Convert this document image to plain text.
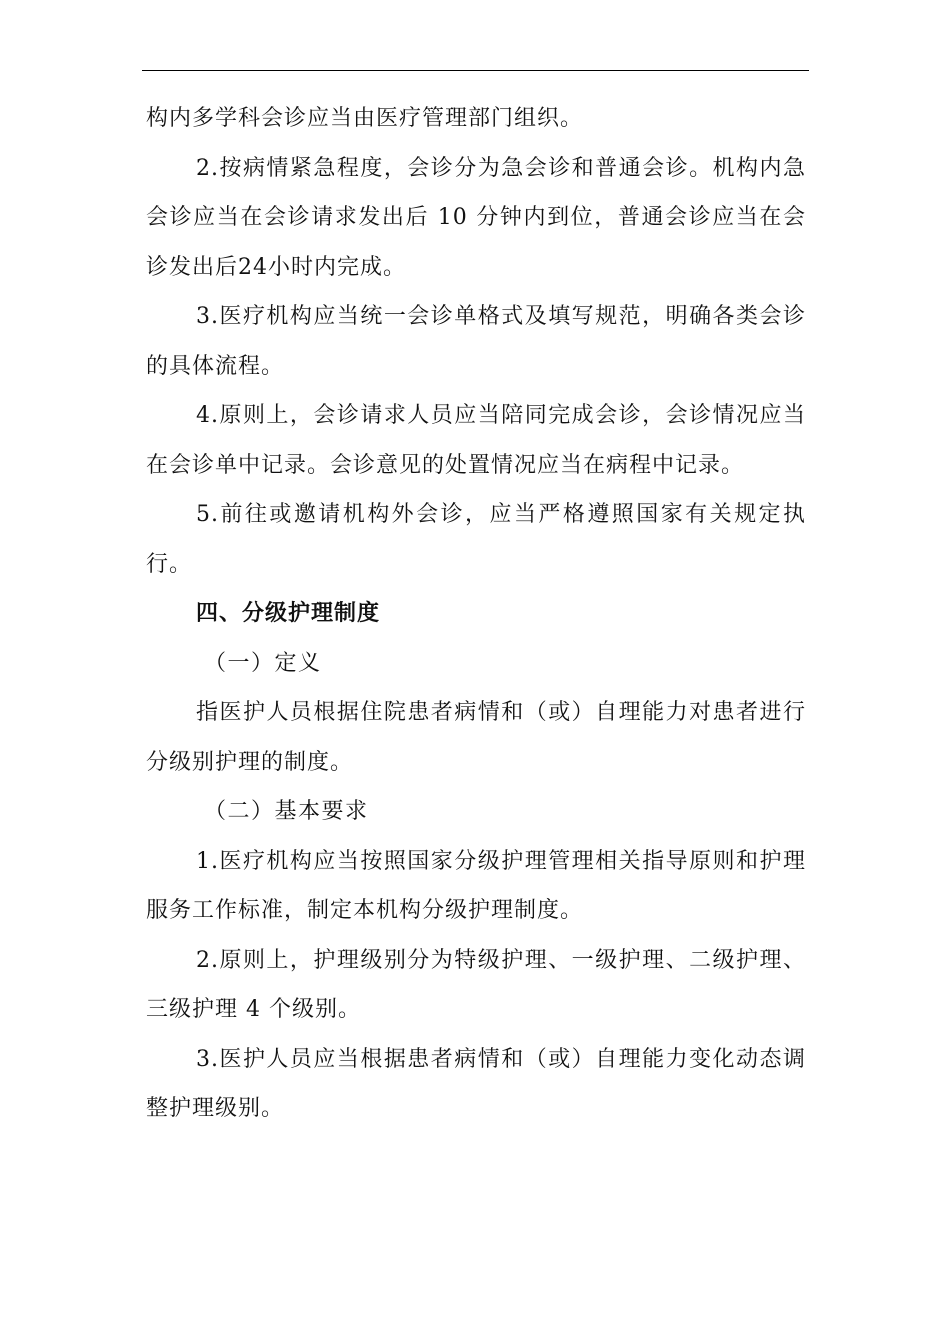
构内多学科会诊应当由医疗管理部门组织。

2.按病情紧急程度，会诊分为急会诊和普通会诊。机构内急会诊应当在会诊请求发出后 10 分钟内到位，普通会诊应当在会诊发出后24小时内完成。

3.医疗机构应当统一会诊单格式及填写规范，明确各类会诊的具体流程。

4.原则上，会诊请求人员应当陪同完成会诊，会诊情况应当在会诊单中记录。会诊意见的处置情况应当在病程中记录。

5.前往或邀请机构外会诊，应当严格遵照国家有关规定执行。

四、分级护理制度

（一）定义

指医护人员根据住院患者病情和（或）自理能力对患者进行分级别护理的制度。

（二）基本要求

1.医疗机构应当按照国家分级护理管理相关指导原则和护理服务工作标准，制定本机构分级护理制度。

2.原则上，护理级别分为特级护理、一级护理、二级护理、三级护理 4 个级别。

3.医护人员应当根据患者病情和（或）自理能力变化动态调整护理级别。
